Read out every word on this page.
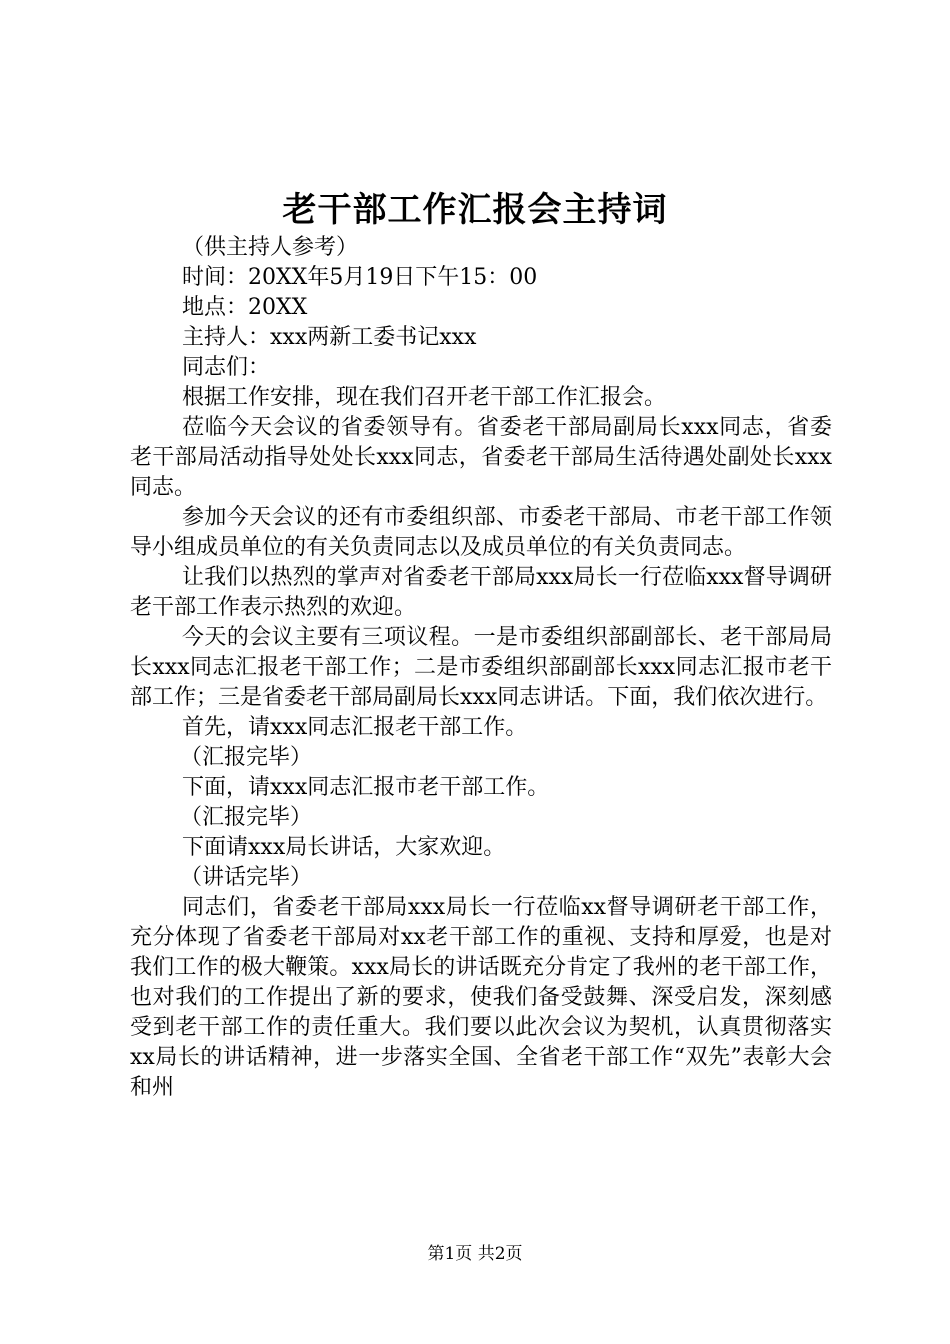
老干部工作汇报会主持词

（供主持人参考）

时间：20XX年5月19日下午15：00

地点：20XX

主持人：xxx两新工委书记xxx

同志们：

根据工作安排，现在我们召开老干部工作汇报会。

莅临今天会议的省委领导有。省委老干部局副局长xxx同志，省委老干部局活动指导处处长xxx同志，省委老干部局生活待遇处副处长xxx同志。

参加今天会议的还有市委组织部、市委老干部局、市老干部工作领导小组成员单位的有关负责同志以及成员单位的有关负责同志。

让我们以热烈的掌声对省委老干部局xxx局长一行莅临xxx督导调研老干部工作表示热烈的欢迎。

今天的会议主要有三项议程。一是市委组织部副部长、老干部局局长xxx同志汇报老干部工作；二是市委组织部副部长xxx同志汇报市老干部工作；三是省委老干部局副局长xxx同志讲话。下面，我们依次进行。

首先，请xxx同志汇报老干部工作。

（汇报完毕）

下面，请xxx同志汇报市老干部工作。

（汇报完毕）

下面请xxx局长讲话，大家欢迎。

（讲话完毕）

同志们，省委老干部局xxx局长一行莅临xx督导调研老干部工作，充分体现了省委老干部局对xx老干部工作的重视、支持和厚爱，也是对我们工作的极大鞭策。xxx局长的讲话既充分肯定了我州的老干部工作，也对我们的工作提出了新的要求，使我们备受鼓舞、深受启发，深刻感受到老干部工作的责任重大。我们要以此次会议为契机，认真贯彻落实xx局长的讲话精神，进一步落实全国、全省老干部工作“双先”表彰大会和州

第1页 共2页
